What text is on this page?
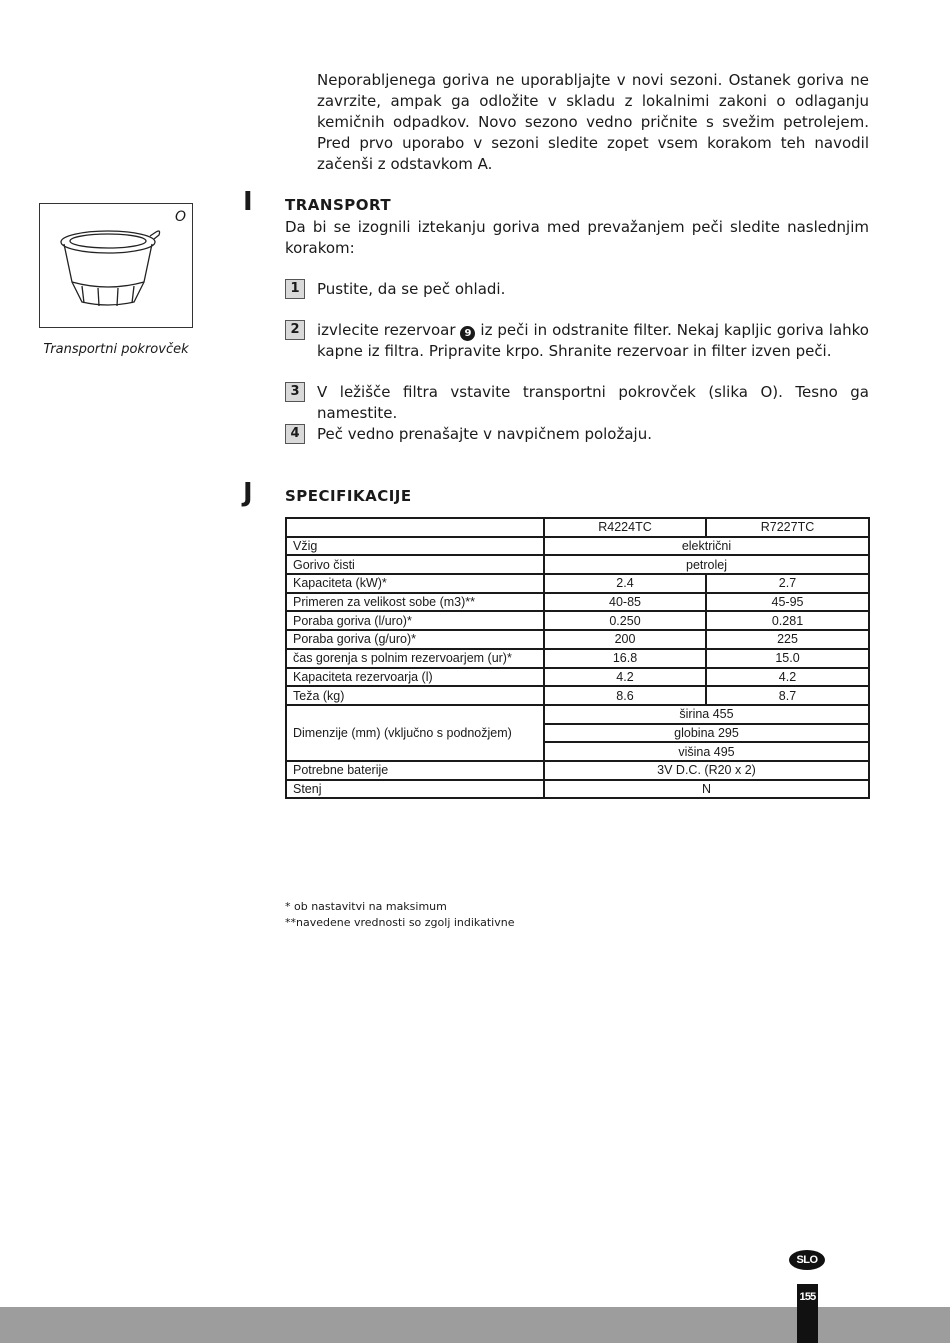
Neporabljenega goriva ne uporabljajte v novi sezoni. Ostanek goriva ne zavrzite, ampak ga odložite v skladu z lokalnimi zakoni o odlaganju kemičnih odpadkov. Novo sezono vedno pričnite s svežim petrolejem. Pred prvo uporabo v sezoni sledite zopet vsem korakom teh navodil začenši z odstavkom A.

O
Transportni pokrovček
I TRANSPORT

Da bi se izognili iztekanju goriva med prevažanjem peči sledite naslednjim korakom:

1	Pustite, da se peč ohladi.

2	izvlecite rezervoar 9 iz peči in odstranite filter. Nekaj kapljic goriva lahko kapne iz filtra. Pripravite krpo. Shranite rezervoar in filter izven peči.

3	V ležišče filtra vstavite transportni pokrovček (slika O). Tesno ga namestite.

4	Peč vedno prenašajte v navpičnem položaju.

J SPECIFIKACIJE
	R4224TC	R7227TC
Vžig	električni	
Gorivo čisti	petrolej	
Kapaciteta (kW)*	2.4	2.7
Primeren za velikost sobe (m3)**	40-85	45-95
Poraba goriva (l/uro)*	0.250	0.281
Poraba goriva (g/uro)*	200	225
čas gorenja s polnim rezervoarjem (ur)*	16.8	15.0
Kapaciteta rezervoarja (l)	4.2	4.2
Teža (kg)	8.6	8.7
Dimenzije (mm) (vključno s podnožjem)	širina 455	
	globina 295	
	višina 495	
Potrebne baterije	3V D.C. (R20 x 2)	
Stenj	N	
* ob nastavitvi na maksimum
**navedene vrednosti so zgolj indikativne
SLO
155
